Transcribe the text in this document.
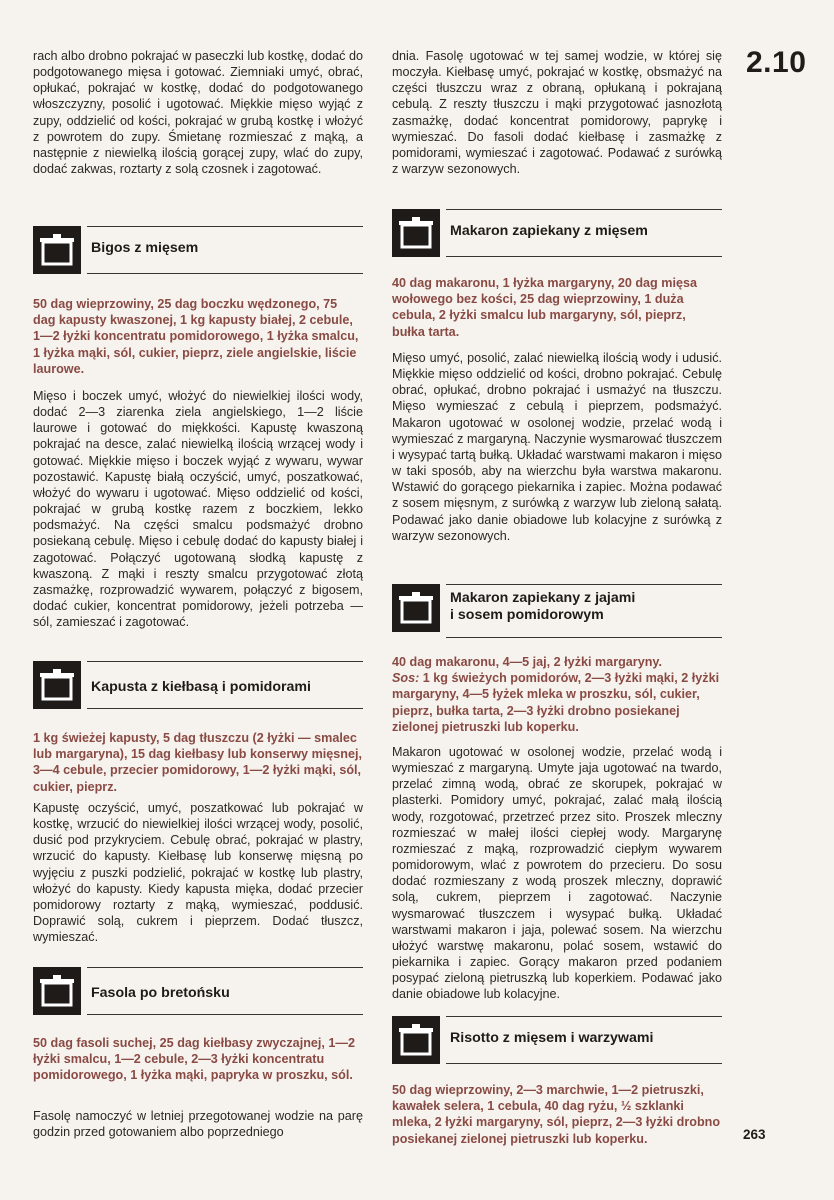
2.10
263

rach albo drobno pokrajać w paseczki lub kostkę, dodać do podgotowanego mięsa i gotować. Ziemniaki umyć, obrać, opłukać, pokrajać w kostkę, dodać do podgotowanego włoszczyzny, posolić i ugotować. Miękkie mięso wyjąć z zupy, oddzielić od kości, pokrajać w grubą kostkę i włożyć z powrotem do zupy. Śmietanę rozmieszać z mąką, a następnie z niewielką ilością gorącej zupy, wlać do zupy, dodać zakwas, roztarty z solą czosnek i zagotować.

Bigos z mięsem

50 dag wieprzowiny, 25 dag boczku wędzonego, 75 dag kapusty kwaszonej, 1 kg kapusty białej, 2 cebule, 1—2 łyżki koncentratu pomidorowego, 1 łyżka smalcu, 1 łyżka mąki, sól, cukier, pieprz, ziele angielskie, liście laurowe.

Mięso i boczek umyć, włożyć do niewielkiej ilości wody, dodać 2—3 ziarenka ziela angielskiego, 1—2 liście laurowe i gotować do miękkości. Kapustę kwaszoną pokrajać na desce, zalać niewielką ilością wrzącej wody i gotować. Miękkie mięso i boczek wyjąć z wywaru, wywar pozostawić. Kapustę białą oczyścić, umyć, poszatkować, włożyć do wywaru i ugotować. Mięso oddzielić od kości, pokrajać w grubą kostkę razem z boczkiem, lekko podsmażyć. Na części smalcu podsmażyć drobno posiekaną cebulę. Mięso i cebulę dodać do kapusty białej i zagotować. Połączyć ugotowaną słodką kapustę z kwaszoną. Z mąki i reszty smalcu przygotować złotą zasmażkę, rozprowadzić wywarem, połączyć z bigosem, dodać cukier, koncentrat pomidorowy, jeżeli potrzeba — sól, zamieszać i zagotować.

Kapusta z kiełbasą i pomidorami

1 kg świeżej kapusty, 5 dag tłuszczu (2 łyżki — smalec lub margaryna), 15 dag kiełbasy lub konserwy mięsnej, 3—4 cebule, przecier pomidorowy, 1—2 łyżki mąki, sól, cukier, pieprz.

Kapustę oczyścić, umyć, poszatkować lub pokrajać w kostkę, wrzucić do niewielkiej ilości wrzącej wody, posolić, dusić pod przykryciem. Cebulę obrać, pokrajać w plastry, wrzucić do kapusty. Kiełbasę lub konserwę mięsną po wyjęciu z puszki podzielić, pokrajać w kostkę lub plastry, włożyć do kapusty. Kiedy kapusta mięka, dodać przecier pomidorowy roztarty z mąką, wymieszać, poddusić. Doprawić solą, cukrem i pieprzem. Dodać tłuszcz, wymieszać.

Fasola po bretońsku

50 dag fasoli suchej, 25 dag kiełbasy zwyczajnej, 1—2 łyżki smalcu, 1—2 cebule, 2—3 łyżki koncentratu pomidorowego, 1 łyżka mąki, papryka w proszku, sól.

Fasolę namoczyć w letniej przegotowanej wodzie na parę godzin przed gotowaniem albo poprzedniego

dnia. Fasolę ugotować w tej samej wodzie, w której się moczyła. Kiełbasę umyć, pokrajać w kostkę, obsmażyć na części tłuszczu wraz z obraną, opłukaną i pokrajaną cebulą. Z reszty tłuszczu i mąki przygotować jasnozłotą zasmażkę, dodać koncentrat pomidorowy, paprykę i wymieszać. Do fasoli dodać kiełbasę i zasmażkę z pomidorami, wymieszać i zagotować. Podawać z surówką z warzyw sezonowych.

Makaron zapiekany z mięsem

40 dag makaronu, 1 łyżka margaryny, 20 dag mięsa wołowego bez kości, 25 dag wieprzowiny, 1 duża cebula, 2 łyżki smalcu lub margaryny, sól, pieprz, bułka tarta.

Mięso umyć, posolić, zalać niewielką ilością wody i udusić. Miękkie mięso oddzielić od kości, drobno pokrajać. Cebulę obrać, opłukać, drobno pokrajać i usmażyć na tłuszczu. Mięso wymieszać z cebulą i pieprzem, podsmażyć. Makaron ugotować w osolonej wodzie, przelać wodą i wymieszać z margaryną. Naczynie wysmarować tłuszczem i wysypać tartą bułką. Układać warstwami makaron i mięso w taki sposób, aby na wierzchu była warstwa makaronu. Wstawić do gorącego piekarnika i zapiec. Można podawać z sosem mięsnym, z surówką z warzyw lub zieloną sałatą. Podawać jako danie obiadowe lub kolacyjne z surówką z warzyw sezonowych.

Makaron zapiekany z jajami
i sosem pomidorowym

40 dag makaronu, 4—5 jaj, 2 łyżki margaryny.
Sos: 1 kg świeżych pomidorów, 2—3 łyżki mąki, 2 łyżki margaryny, 4—5 łyżek mleka w proszku, sól, cukier, pieprz, bułka tarta, 2—3 łyżki drobno posiekanej zielonej pietruszki lub koperku.

Makaron ugotować w osolonej wodzie, przelać wodą i wymieszać z margaryną. Umyte jaja ugotować na twardo, przelać zimną wodą, obrać ze skorupek, pokrajać w plasterki. Pomidory umyć, pokrajać, zalać małą ilością wody, rozgotować, przetrzeć przez sito. Proszek mleczny rozmieszać w małej ilości ciepłej wody. Margarynę rozmieszać z mąką, rozprowadzić ciepłym wywarem pomidorowym, wlać z powrotem do przecieru. Do sosu dodać rozmieszany z wodą proszek mleczny, doprawić solą, cukrem, pieprzem i zagotować. Naczynie wysmarować tłuszczem i wysypać bułką. Układać warstwami makaron i jaja, polewać sosem. Na wierzchu ułożyć warstwę makaronu, polać sosem, wstawić do piekarnika i zapiec. Gorący makaron przed podaniem posypać zieloną pietruszką lub koperkiem. Podawać jako danie obiadowe lub kolacyjne.

Risotto z mięsem i warzywami

50 dag wieprzowiny, 2—3 marchwie, 1—2 pietruszki, kawałek selera, 1 cebula, 40 dag ryżu, ½ szklanki mleka, 2 łyżki margaryny, sól, pieprz, 2—3 łyżki drobno posiekanej zielonej pietruszki lub koperku.
